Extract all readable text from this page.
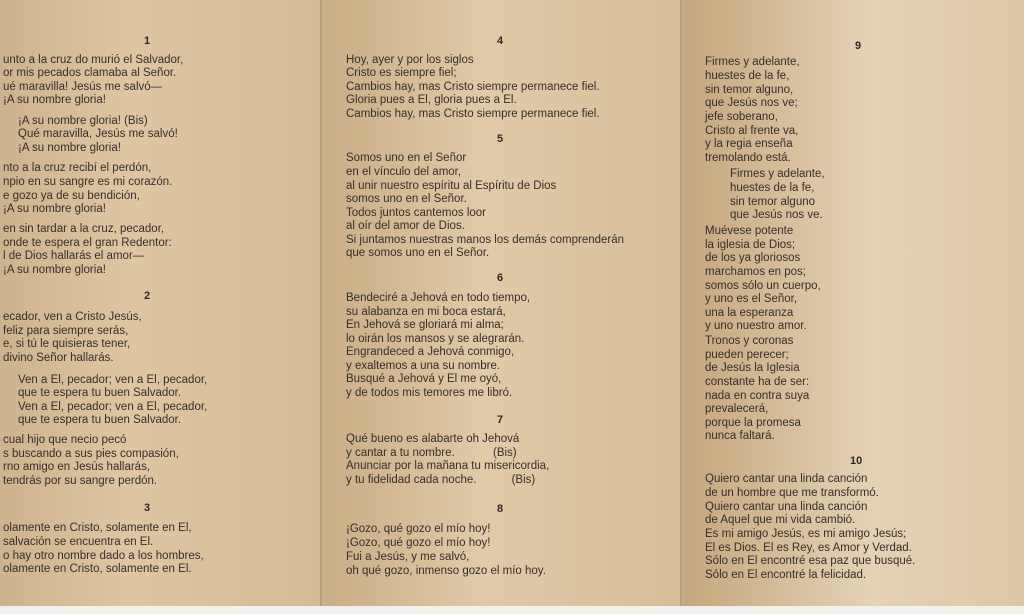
1
unto a la cruz do murió el Salvador,
or mis pecados clamaba al Señor.
ué maravilla! Jesús me salvó—
¡A su nombre gloria!
¡A su nombre gloria! (Bis)
Qué maravilla, Jesús me salvó!
¡A su nombre gloria!
nto a la cruz recibí el perdón,
npio en su sangre es mi corazón.
e gozo ya de su bendición,
¡A su nombre gloria!
en sin tardar a la cruz, pecador,
onde te espera el gran Redentor:
l de Dios hallarás el amor—
¡A su nombre gloria!
2
ecador, ven a Cristo Jesús,
feliz para siempre serás,
e, si tú le quisieras tener,
divino Señor hallarás.
Ven a El, pecador; ven a El, pecador,
que te espera tu buen Salvador.
Ven a El, pecador; ven a El, pecador,
que te espera tu buen Salvador.
cual hijo que necio pecó
s buscando a sus pies compasión,
rno amigo en Jesús hallarás,
tendrás por su sangre perdón.
3
olamente en Cristo, solamente en El,
salvación se encuentra en El.
o hay otro nombre dado a los hombres,
olamente en Cristo, solamente en El.
4
Hoy, ayer y por los siglos
Cristo es siempre fiel;
Cambios hay, mas Cristo siempre permanece fiel.
Gloria pues a El, gloria pues a El.
Cambios hay, mas Cristo siempre permanece fiel.
5
Somos uno en el Señor
en el vínculo del amor,
al unir nuestro espíritu al Espíritu de Dios
somos uno en el Señor.
Todos juntos cantemos loor
al oír del amor de Dios.
Si juntamos nuestras manos los demás comprenderán
que somos uno en el Señor.
6
Bendeciré a Jehová en todo tiempo,
su alabanza en mi boca estará,
En Jehová se gloriará mi alma;
lo oirán los mansos y se alegrarán.
Engrandeced a Jehová conmigo,
y exaltemos a una su nombre.
Busqué a Jehová y El me oyó,
y de todos mis temores me libró.
7
Qué bueno es alabarte oh Jehová
y cantar a tu nombre.            (Bis)
Anunciar por la mañana tu misericordia,
y tu fidelidad cada noche.           (Bis)
8
¡Gozo, qué gozo el mío hoy!
¡Gozo, qué gozo el mío hoy!
Fui a Jesús, y me salvó,
oh qué gozo, inmenso gozo el mío hoy.
9
Firmes y adelante,
huestes de la fe,
sin temor alguno,
que Jesús nos ve;
jefe soberano,
Cristo al frente va,
y la regia enseña
tremolando está.
Firmes y adelante,
huestes de la fe,
sin temor alguno
que Jesús nos ve.
Muévese potente
la iglesia de Dios;
de los ya gloriosos
marchamos en pos;
somos sólo un cuerpo,
y uno es el Señor,
una la esperanza
y uno nuestro amor.
Tronos y coronas
pueden perecer;
de Jesús la Iglesia
constante ha de ser:
nada en contra suya
prevalecerá,
porque la promesa
nunca faltará.
10
Quiero cantar una linda canción
de un hombre que me transformó.
Quiero cantar una linda canción
de Aquel que mi vida cambió.
Es mi amigo Jesús, es mi amigo Jesús;
El es Dios. El es Rey, es Amor y Verdad.
Sólo en El encontré esa paz que busqué.
Sólo en El encontré la felicidad.
